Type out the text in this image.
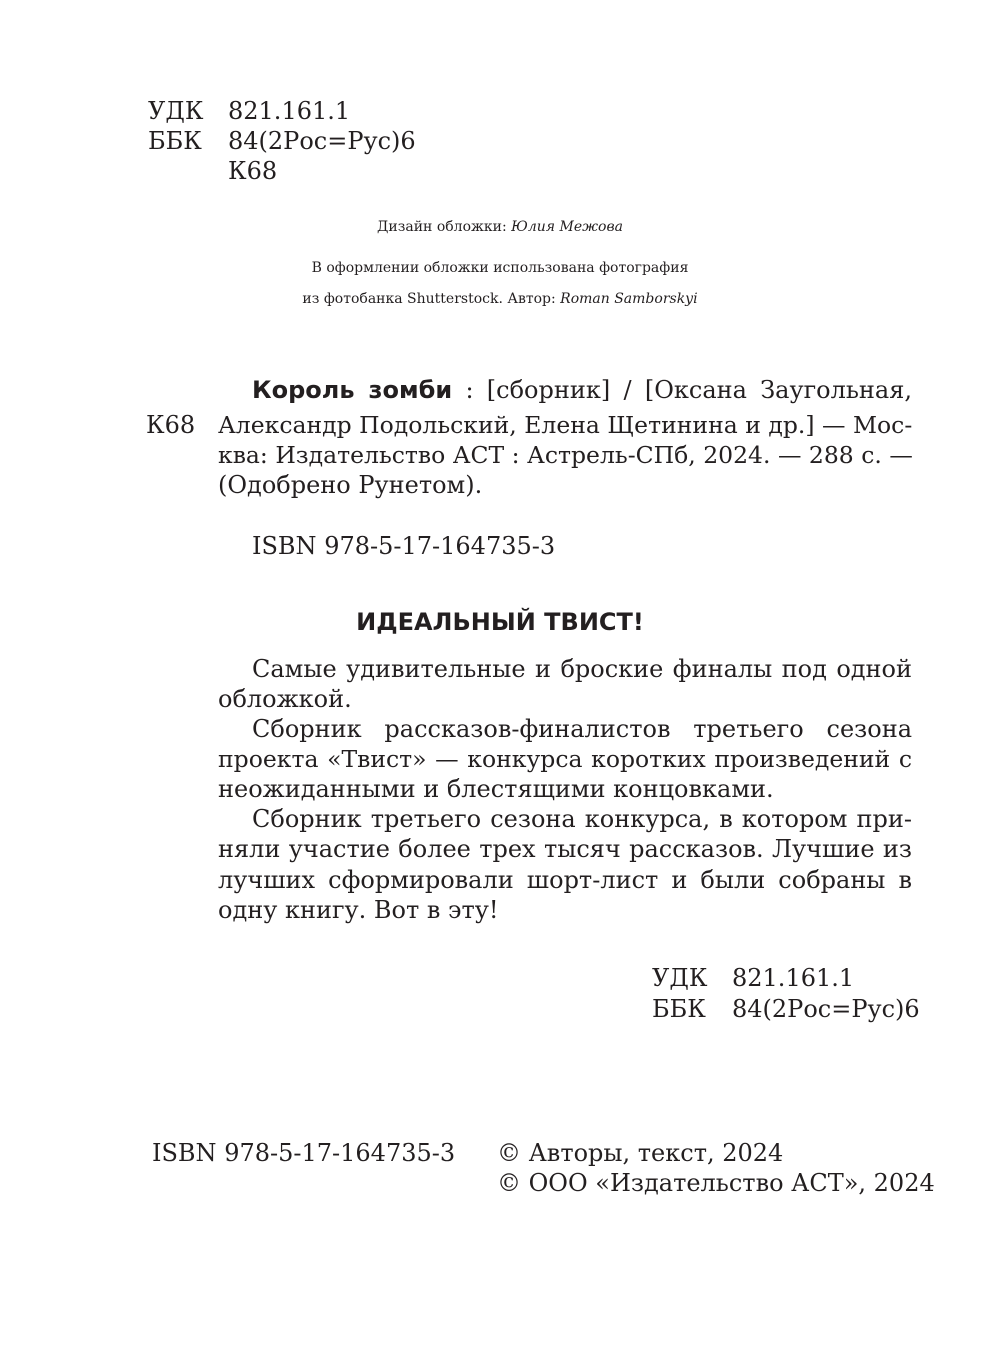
УДК 821.161.1
ББК 84(2Рос=Рус)6
К68
Дизайн обложки: Юлия Межова
В оформлении обложки использована фотография
из фотобанка Shutterstock. Автор: Roman Samborskyi
Король зомби : [сборник] / [Оксана Заугольная,
К68 Александр Подольский, Елена Щетинина и др.] — Мос-
ква: Издательство АСТ : Астрель-СПб, 2024. — 288 с. —
(Одобрено Рунетом).
ISBN 978-5-17-164735-3
ИДЕАЛЬНЫЙ ТВИСТ!
Самые удивительные и броские финалы под одной
обложкой.
Сборник рассказов-финалистов третьего сезона
проекта «Твист» — конкурса коротких произведений с
неожиданными и блестящими концовками.
Сборник третьего сезона конкурса, в котором при-
няли участие более трех тысяч рассказов. Лучшие из
лучших сформировали шорт-лист и были собраны в
одну книгу. Вот в эту!
УДК 821.161.1
ББК 84(2Рос=Рус)6
ISBN 978-5-17-164735-3 © Авторы, текст, 2024
© ООО «Издательство АСТ», 2024
